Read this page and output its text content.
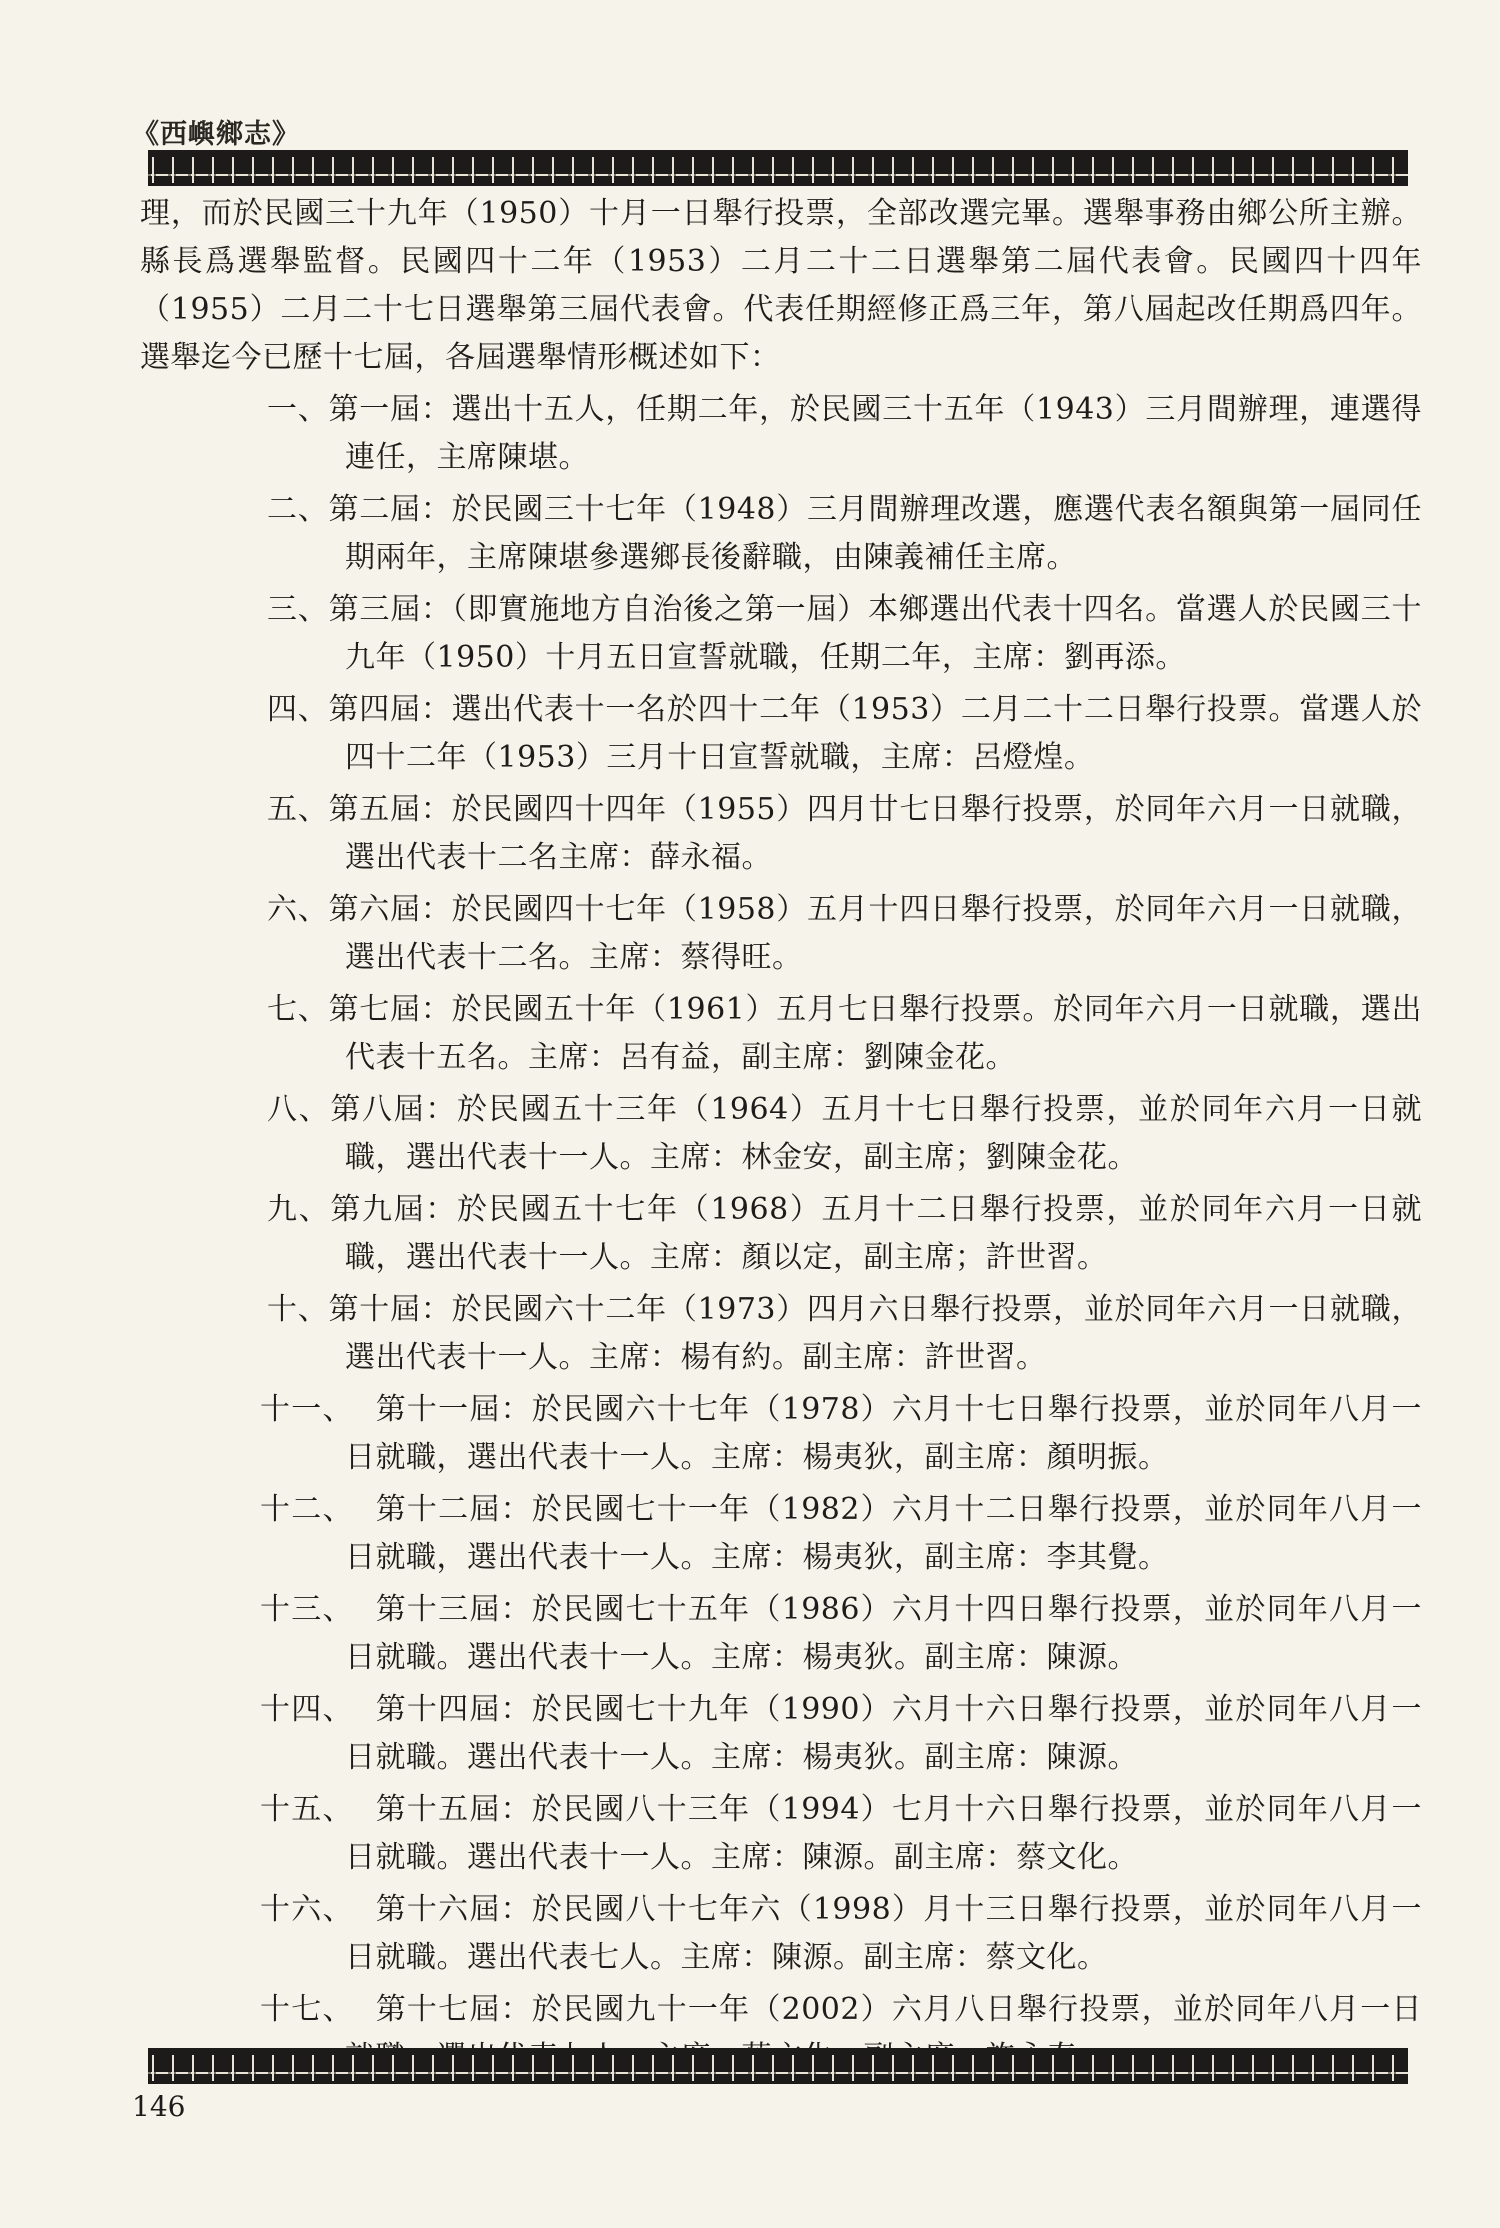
《西嶼鄉志》

理，而於民國三十九年（1950）十月一日舉行投票，全部改選完畢。選舉事務由鄉公所主辦。縣長爲選舉監督。民國四十二年（1953）二月二十二日選舉第二屆代表會。民國四十四年（1955）二月二十七日選舉第三屆代表會。代表任期經修正爲三年，第八屆起改任期爲四年。選舉迄今已歷十七屆，各屆選舉情形概述如下：

一、第一屆：選出十五人，任期二年，於民國三十五年（1943）三月間辦理，連選得連任，主席陳堪。
二、第二屆：於民國三十七年（1948）三月間辦理改選，應選代表名額與第一屆同任期兩年，主席陳堪參選鄉長後辭職，由陳義補任主席。
三、第三屆：（即實施地方自治後之第一屆）本鄉選出代表十四名。當選人於民國三十九年（1950）十月五日宣誓就職，任期二年，主席：劉再添。
四、第四屆：選出代表十一名於四十二年（1953）二月二十二日舉行投票。當選人於四十二年（1953）三月十日宣誓就職，主席：呂燈煌。
五、第五屆：於民國四十四年（1955）四月廿七日舉行投票，於同年六月一日就職，選出代表十二名主席：薛永福。
六、第六屆：於民國四十七年（1958）五月十四日舉行投票，於同年六月一日就職，選出代表十二名。主席：蔡得旺。
七、第七屆：於民國五十年（1961）五月七日舉行投票。於同年六月一日就職，選出代表十五名。主席：呂有益，副主席：劉陳金花。
八、第八屆：於民國五十三年（1964）五月十七日舉行投票，並於同年六月一日就職，選出代表十一人。主席：林金安，副主席；劉陳金花。
九、第九屆：於民國五十七年（1968）五月十二日舉行投票，並於同年六月一日就職，選出代表十一人。主席：顏以定，副主席；許世習。
十、第十屆：於民國六十二年（1973）四月六日舉行投票，並於同年六月一日就職，選出代表十一人。主席：楊有約。副主席：許世習。
十一、 第十一屆：於民國六十七年（1978）六月十七日舉行投票，並於同年八月一日就職，選出代表十一人。主席：楊夷狄，副主席：顏明振。
十二、 第十二屆：於民國七十一年（1982）六月十二日舉行投票，並於同年八月一日就職，選出代表十一人。主席：楊夷狄，副主席：李其覺。
十三、 第十三屆：於民國七十五年（1986）六月十四日舉行投票，並於同年八月一日就職。選出代表十一人。主席：楊夷狄。副主席：陳源。
十四、 第十四屆：於民國七十九年（1990）六月十六日舉行投票，並於同年八月一日就職。選出代表十一人。主席：楊夷狄。副主席：陳源。
十五、 第十五屆：於民國八十三年（1994）七月十六日舉行投票，並於同年八月一日就職。選出代表十一人。主席：陳源。副主席：蔡文化。
十六、 第十六屆：於民國八十七年六（1998）月十三日舉行投票，並於同年八月一日就職。選出代表七人。主席：陳源。副主席：蔡文化。
十七、 第十七屆：於民國九十一年（2002）六月八日舉行投票，並於同年八月一日
146
